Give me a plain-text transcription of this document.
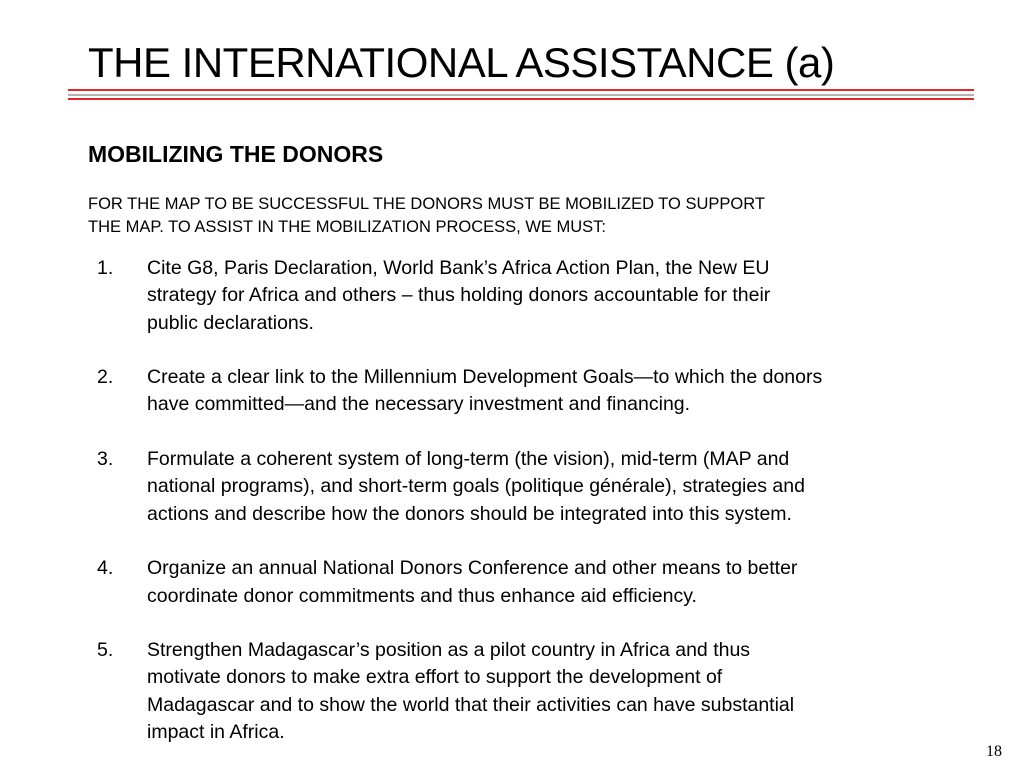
THE INTERNATIONAL ASSISTANCE (a)
MOBILIZING THE DONORS

FOR THE MAP TO BE SUCCESSFUL THE DONORS MUST BE MOBILIZED TO SUPPORT
THE MAP. TO ASSIST IN THE MOBILIZATION PROCESS, WE MUST:

1. Cite G8, Paris Declaration, World Bank’s Africa Action Plan, the New EU
strategy for Africa and others – thus holding donors accountable for their
public declarations.
2. Create a clear link to the Millennium Development Goals—to which the donors
have committed—and the necessary investment and financing.
3. Formulate a coherent system of long-term (the vision), mid-term (MAP and
national programs), and short-term goals (politique générale), strategies and
actions and describe how the donors should be integrated into this system.
4. Organize an annual National Donors Conference and other means to better
coordinate donor commitments and thus enhance aid efficiency.
5. Strengthen Madagascar’s position as a pilot country in Africa and thus
motivate donors to make extra effort to support the development of
Madagascar and to show the world that their activities can have substantial
impact in Africa.

18
